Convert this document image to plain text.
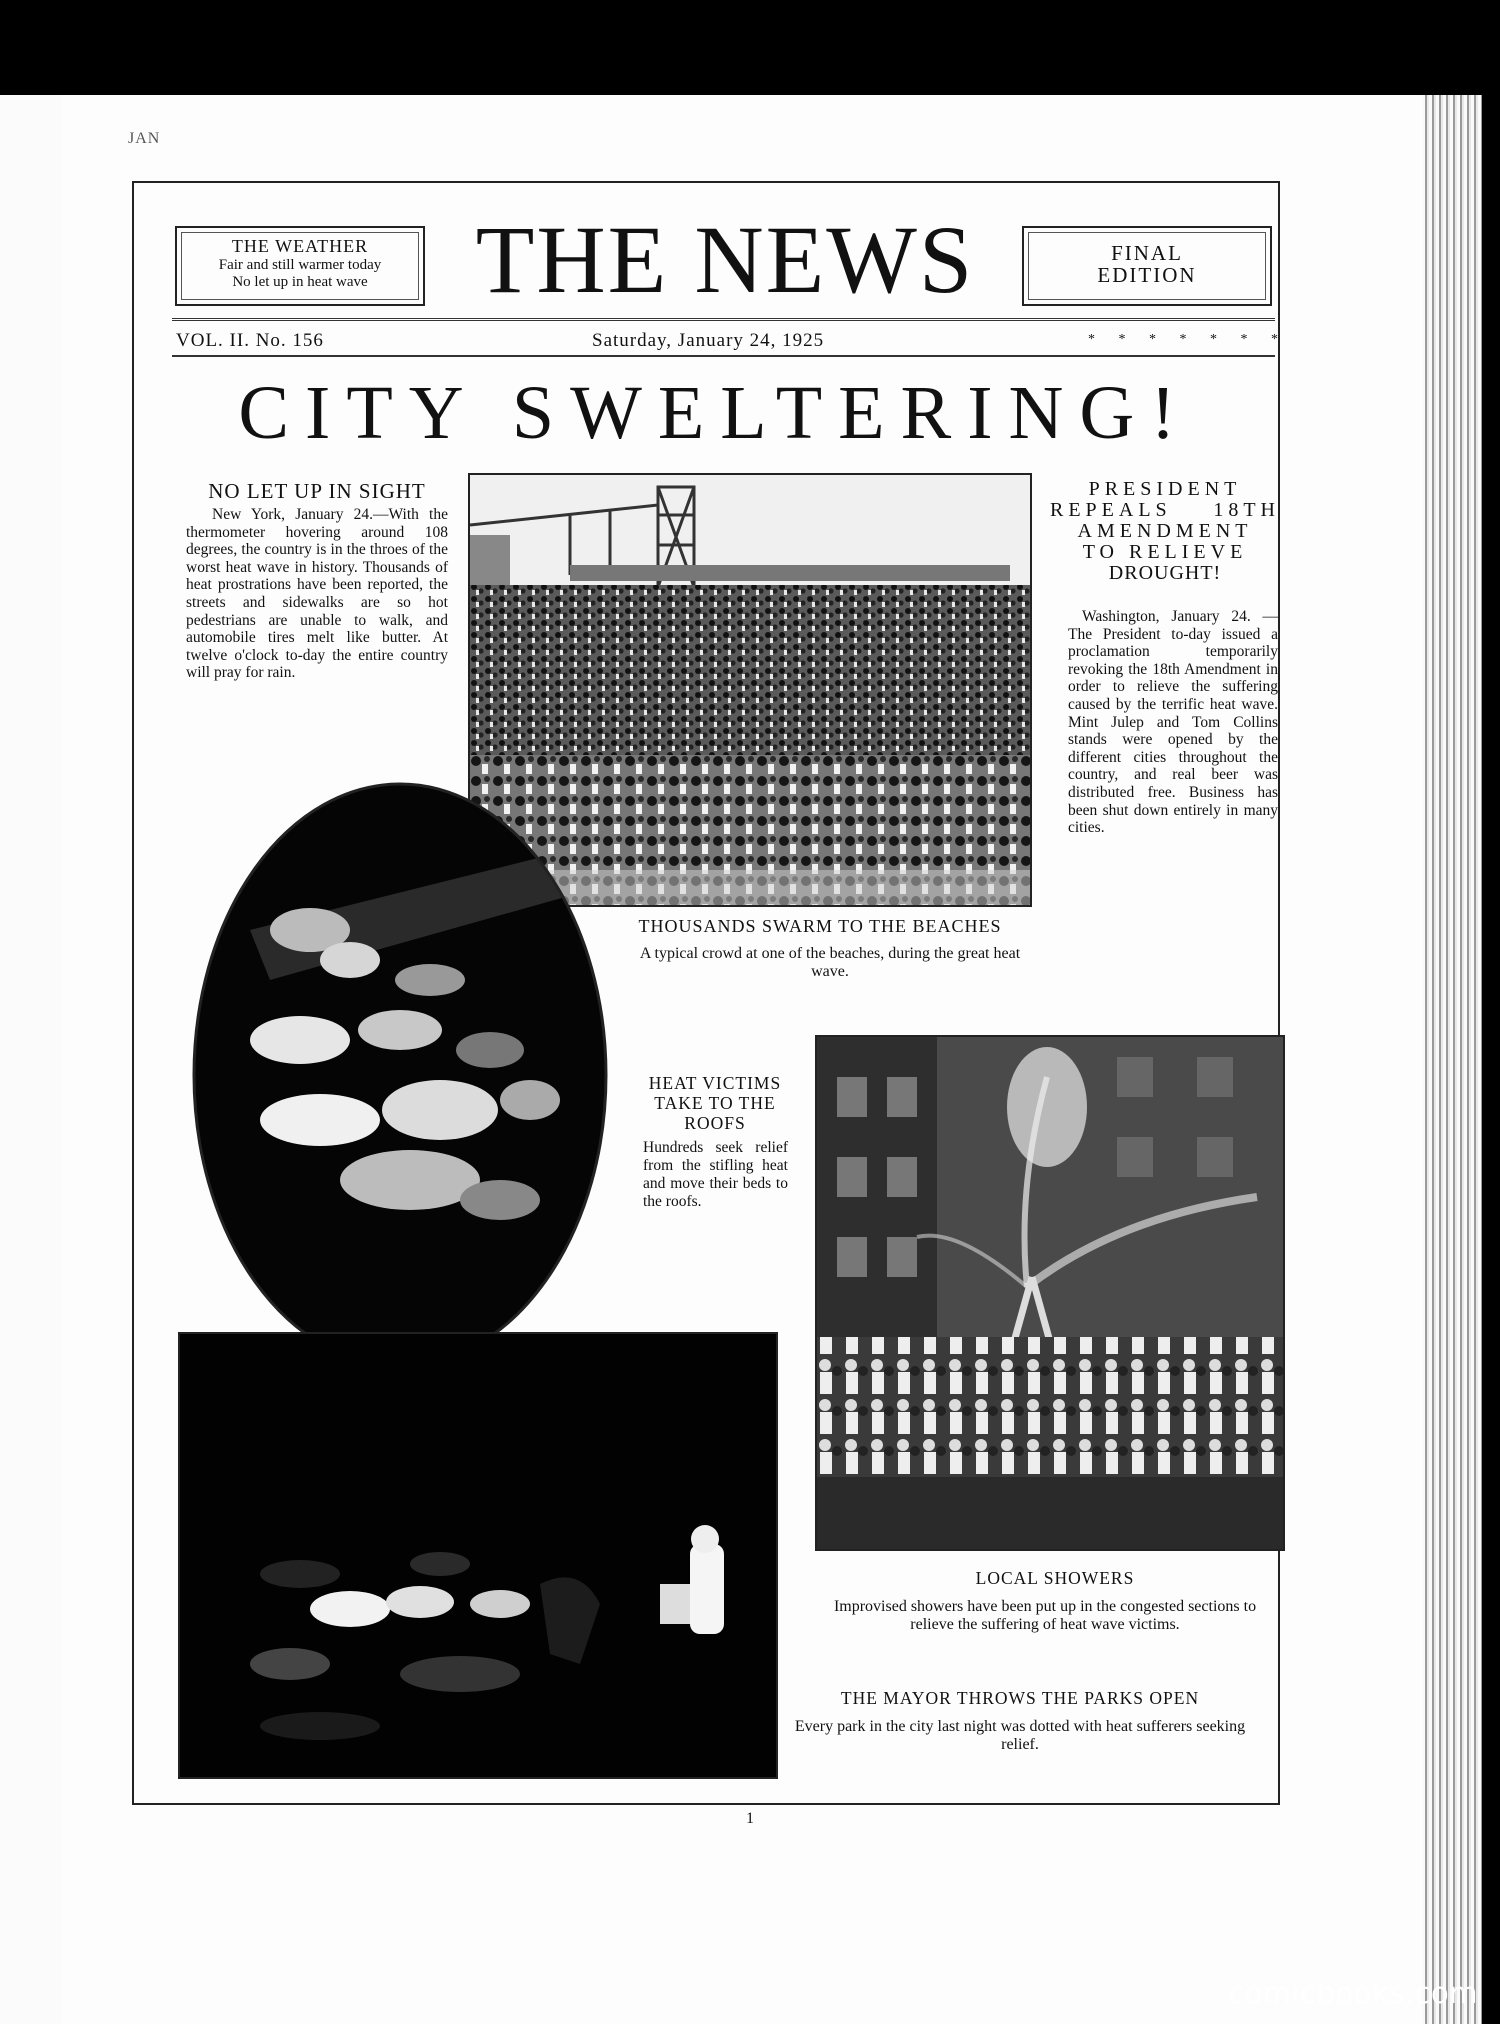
JAN
THE WEATHER
Fair and still warmer today
No let up in heat wave	THE NEWS	FINAL
EDITION
VOL. II. No. 156	Saturday, January 24, 1925	* * * * * * *
CITY SWELTERING!
NO LET UP IN SIGHT
New York, January 24.—With the thermometer hovering around 108 degrees, the country is in the throes of the worst heat wave in history. Thousands of heat prostrations have been reported, the streets and sidewalks are so hot pedestrians are unable to walk, and automobile tires melt like butter. At twelve o'clock to-day the entire country will pray for rain.
PRESIDENT
REPEALS 18TH
AMENDMENT
TO RELIEVE
DROUGHT!
Washington, January 24. —The President to-day issued a proclamation temporarily revoking the 18th Amendment in order to relieve the suffering caused by the terrific heat wave. Mint Julep and Tom Collins stands were opened by the different cities throughout the country, and real beer was distributed free. Business has been shut down entirely in many cities.
THOUSANDS SWARM TO THE BEACHES
A typical crowd at one of the beaches, during the great heat wave.
HEAT VICTIMS
TAKE TO THE
ROOFS
Hundreds seek relief from the stifling heat and move their beds to the roofs.
LOCAL SHOWERS
Improvised showers have been put up in the congested sections to relieve the suffering of heat wave victims.
THE MAYOR THROWS THE PARKS OPEN
Every park in the city last night was dotted with heat sufferers seeking relief.
1
comicbooks.com
